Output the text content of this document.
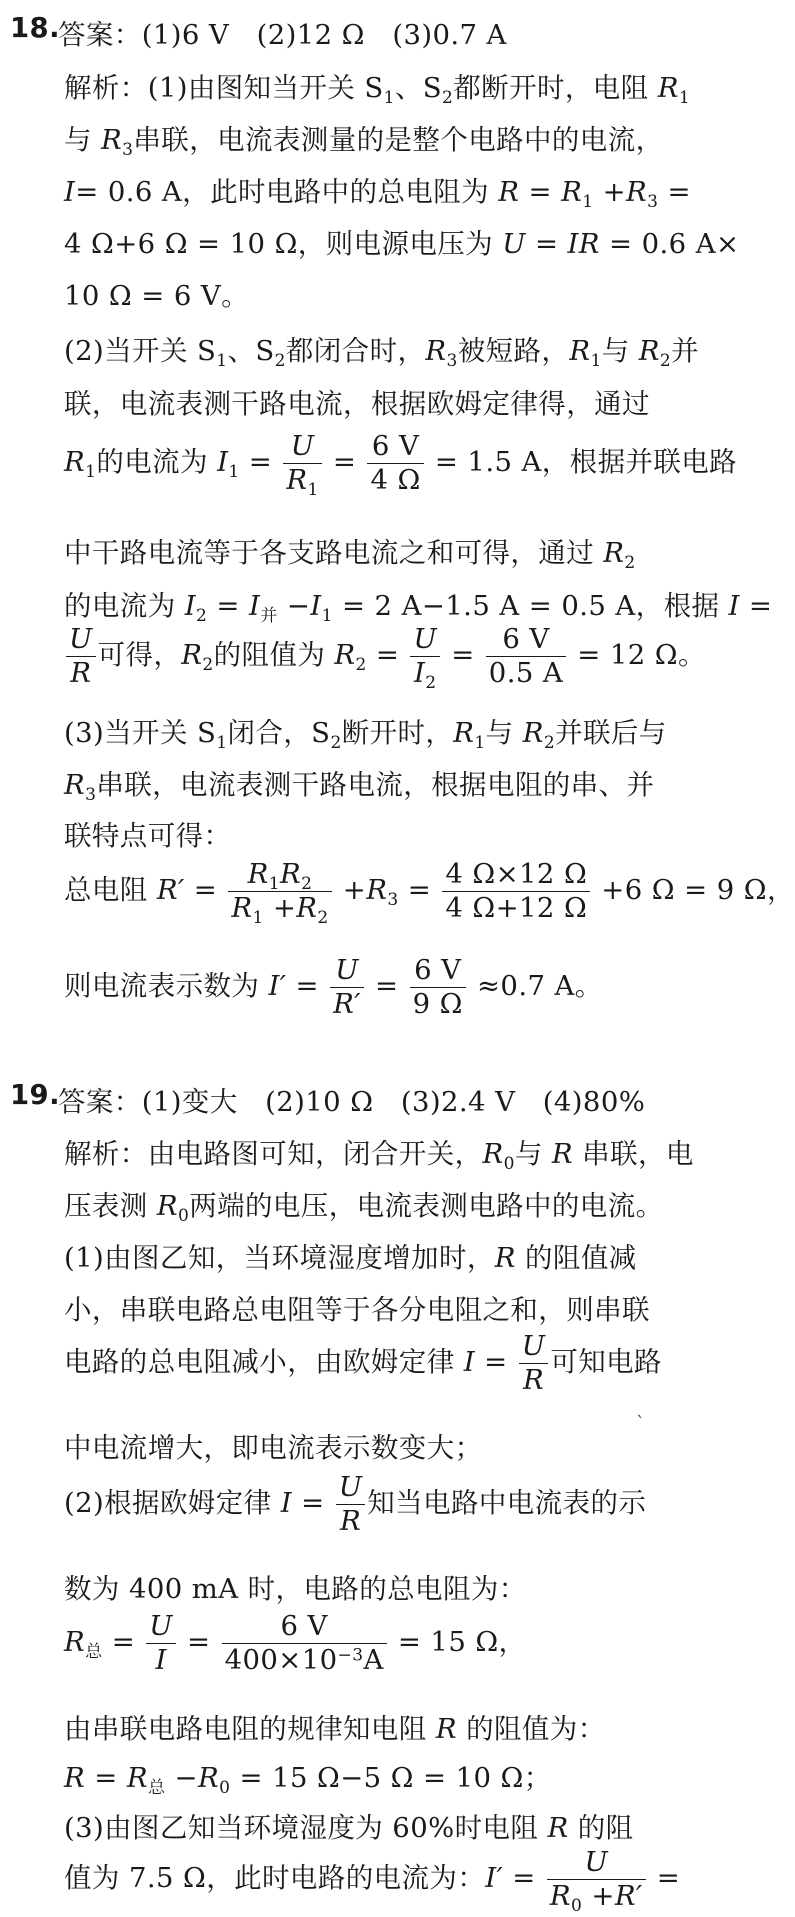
18.
答案：(1)6 V (2)12 Ω (3)0.7 A
解析：(1)由图知当开关 $S_1$、$S_2$都断开时，电阻 $R_1$
与 $R_3$串联，电流表测量的是整个电路中的电流，
I= 0.6 A，此时电路中的总电阻为 $R = R_1 +R_3$ =
4 Ω+6 Ω = 10 Ω，则电源电压为 U = IR = 0.6 A×
10 Ω = 6 V。
(2)当开关 $S_1$、$S_2$都闭合时，$R_3$被短路，$R_1$与 $R_2$并
联，电流表测干路电流，根据欧姆定律得，通过
$R_1$的电流为 $I_1 = \frac{U}{R_1} = \frac{6 V}{4 \Omega} = 1.5$ A，根据并联电路
中干路电流等于各支路电流之和可得，通过 $R_2$
的电流为 $I_2 = I_并 -I_1 = 2$ A−1.5 A = 0.5 A，根据 I =
$\frac{U}{R}$ 可得，$R_2$的阻值为 $R_2 = \frac{U}{I_2} = \frac{6 V}{0.5 A} = 12$ Ω。
(3)当开关 $S_1$闭合，$S_2$断开时，$R_1$与 $R_2$并联后与
$R_3$串联，电流表测干路电流，根据电阻的串、并
联特点可得：
总电阻 $R' = \frac{R_1R_2}{R_1 +R_2} +R_3 = \frac{4 \Omega\times 12 \Omega}{4 \Omega+12 \Omega} +6$ Ω = 9 Ω，
则电流表示数为 $I' = \frac{U}{R'} = \frac{6 V}{9 \Omega} \approx 0.7$ A。
19.
答案：(1)变大 (2)10 Ω (3)2.4 V (4)80%
解析：由电路图可知，闭合开关，$R_0$与 R 串联，电
压表测 $R_0$两端的电压，电流表测电路中的电流。
(1)由图乙知，当环境湿度增加时，R 的阻值减
小，串联电路总电阻等于各分电阻之和，则串联
电路的总电阻减小，由欧姆定律 $I = \frac{U}{R}$ 可知电路
中电流增大，即电流表示数变大；
(2)根据欧姆定律 $I = \frac{U}{R}$ 知当电路中电流表的示
数为 400 mA 时，电路的总电阻为：
$R_总 = \frac{U}{I} = \frac{6 V}{400\times 10^{-3}A} = 15$ Ω，
由串联电路电阻的规律知电阻 R 的阻值为：
$R = R_总 -R_0 = 15$ Ω−5 Ω = 10 Ω；
(3)由图乙知当环境湿度为 60%时电阻 R 的阻
值为 7.5 Ω，此时电路的电流为：$I' = \frac{U}{R_0 +R'}$ =
`
